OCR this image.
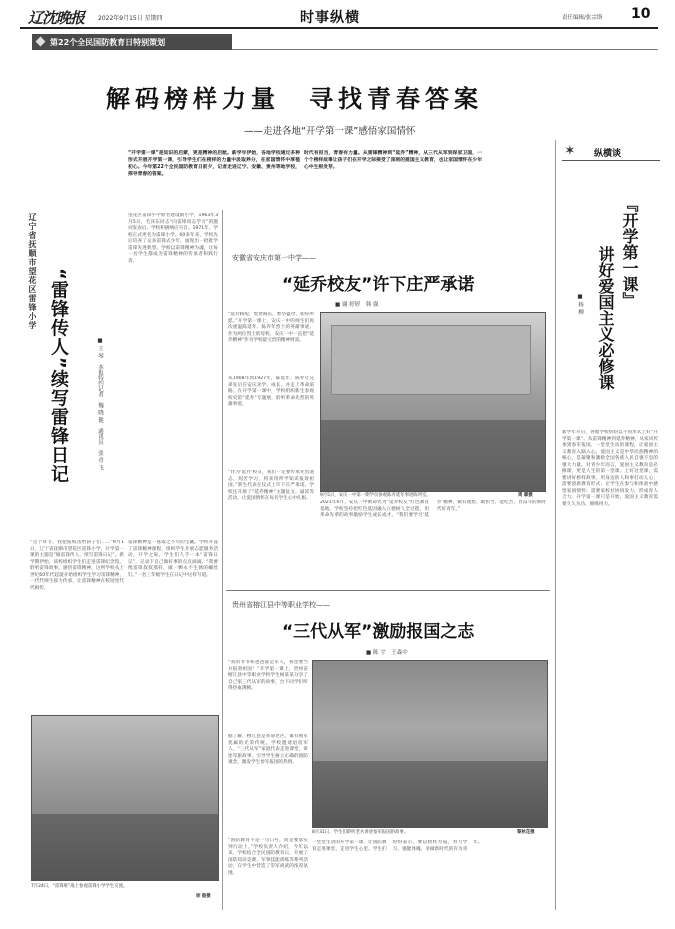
辽沈晚报 2022年9月15日 星期四	时事纵横	责任编辑/张宗斯 10
第22个全民国防教育日特别策划
解码榜样力量　寻找青春答案
——走进各地“开学第一课”感悟家国情怀
“开学第一课”是知识的启蒙，更是精神的启航。新学年伊始，各地学校通过多种形式开展开学第一课，引导学生们在榜样的力量中汲取养分，在家国情怀中厚植初心。今年第22个全民国防教育日前夕，记者走进辽宁、安徽、贵州等地学校，探寻青春的答案。
时代有担当，青春有力量。从雷锋精神到“延乔”精神，从三代从军到保家卫国，一个个榜样故事让孩子们在开学之际接受了深刻的爱国主义教育，也让家国情怀在少年心中生根发芽。
辽宁省抚顺市望花区雷锋小学 “雷锋传人”续写雷锋日记	■ 王 琴　本报特约记者　魏 晓 健　通讯员　张 青 飞
“这个环节，我把报纸送给孩子们……”9月1日，辽宁省抚顺市望花区雷锋小学，开学第一课的主题是“做雷锋传人、续写雷锋日记”。新学期伊始，该校组织学生们走进雷锋纪念馆，聆听雷锋故事，感悟雷锋精神。这所学校从上世纪60年代起就开始组织学生学习雷锋精神，一代代师生接力传承，让雷锋精神在校园里代代相传。
雷锋精神是一座取之不尽的宝藏。学校开设了雷锋精神课程，组织学生开展志愿服务活动，开学之际，学生们人手一本“雷锋日记”，记录下自己做好事的点点滴滴。“我要像雷锋叔叔那样，做一颗永不生锈的螺丝钉。”一名三年级学生在日记中这样写道。
望花区雷锋小学原名建设街小学，1963年3月5日，毛泽东同志“向雷锋同志学习”的题词发表后，学校积极响应号召。1971年，学校正式更名为雷锋小学。60多年来，学校先后培养了众多雷锋式少年，涌现出一批批学雷锋先进典型。学校以雷锋精神为魂，让每一名学生都成为雷锋精神的传承者和践行者。
7月24日，“雷锋班”战士参观雷锋小学学生交流。
徐 毅摄
安徽省安庆市第一中学——
“延乔校友”许下庄严承诺
■ 谢 婷婷　韩 强
“延乔路短，集贤路长，繁华盛世，如你所愿。”开学第一课上，安庆一中的师生们再次重温陈延年、陈乔年烈士的英雄事迹。作为两位烈士的母校，安庆一中一直把“延乔精神”作为学校最宝贵的精神财富。
从1908年到1927年，陈延年、陈乔年兄弟先后在安庆求学、成长，并走上革命道路。在开学第一课中，学校组织新生参观校史馆“延乔”专题展，聆听革命先烈的英雄事迹。
“作为‘延乔’校友，我们一定要传承先烈遗志，刻苦学习，将来用所学知识报效祖国。”新生代表在仪式上许下庄严承诺。学校还开展了“延乔精神”主题征文、诵读等活动，让爱国情怀在每名学生心中扎根。
2021年6月，安庆一中被命名为“延乔校友”红色教育基地。学校坚持把红色基因融入立德树人全过程，用革命先辈的故事激励学生成长成才。“我们要学习‘延乔’精神，做有理想、敢担当、能吃苦、肯奋斗的新时代好青年。”
9月5日，安庆一中第一期学员参观陈乔延年事迹陈列室。	周 霖摄
贵州省榕江县中等职业学校——
“三代从军”激励报国之志
■ 陈 宇　王森中
“我的爷爷和爸爸都是军人，我也要当兵报效祖国！”开学第一课上，贵州省榕江县中等职业学校学生杨某某分享了自己家三代从军的故事，台下同学们听得热血沸腾。
据了解，榕江县是革命老区，素有拥军优属的光荣传统。学校邀请退役军人、“三代从军”家庭代表走进课堂，讲述军旅故事，引导学生树立正确的国防观念，激发学生参军报国的热情。
“国防教育不是一句口号，而是要落实到行动上。”学校负责人介绍，今年以来，学校结合全民国防教育日，开展了国防知识竞赛、军事技能训练等系列活动，在学生中营造了崇军尚武的浓厚氛围。
8月31日，学生们聆听老兵讲述参军报国的故事。	黎秋花摄
一堂堂生动的开学第一课，让国防教育走进课堂、走进学生心里。学生们纷纷表示，要以榜样为镜，努力学习，强健体魄，争做新时代的有为青年。
✶ 纵横谈
『开学第一课』
讲好爱国主义必修课
■ 杨 柳
新学年开启，各地学校纷纷以不同形式上好“开学第一课”。从雷锋精神到延乔精神，从家风传承到参军报国，一堂堂生动的课程，让爱国主义教育入脑入心。爱国主义是中华民族精神的核心，是凝聚和激励全国各族人民自强不息的强大力量。对青少年而言，爱国主义教育是必修课，更是人生的第一堂课。上好这堂课，需要讲好榜样故事，用身边的人和事打动人心；需要创新教育形式，让学生在参与和体验中感悟家国情怀；需要家校社协同发力，形成育人合力。开学第一课只是开始，爱国主义教育需要久久为功、绵绵用力。
